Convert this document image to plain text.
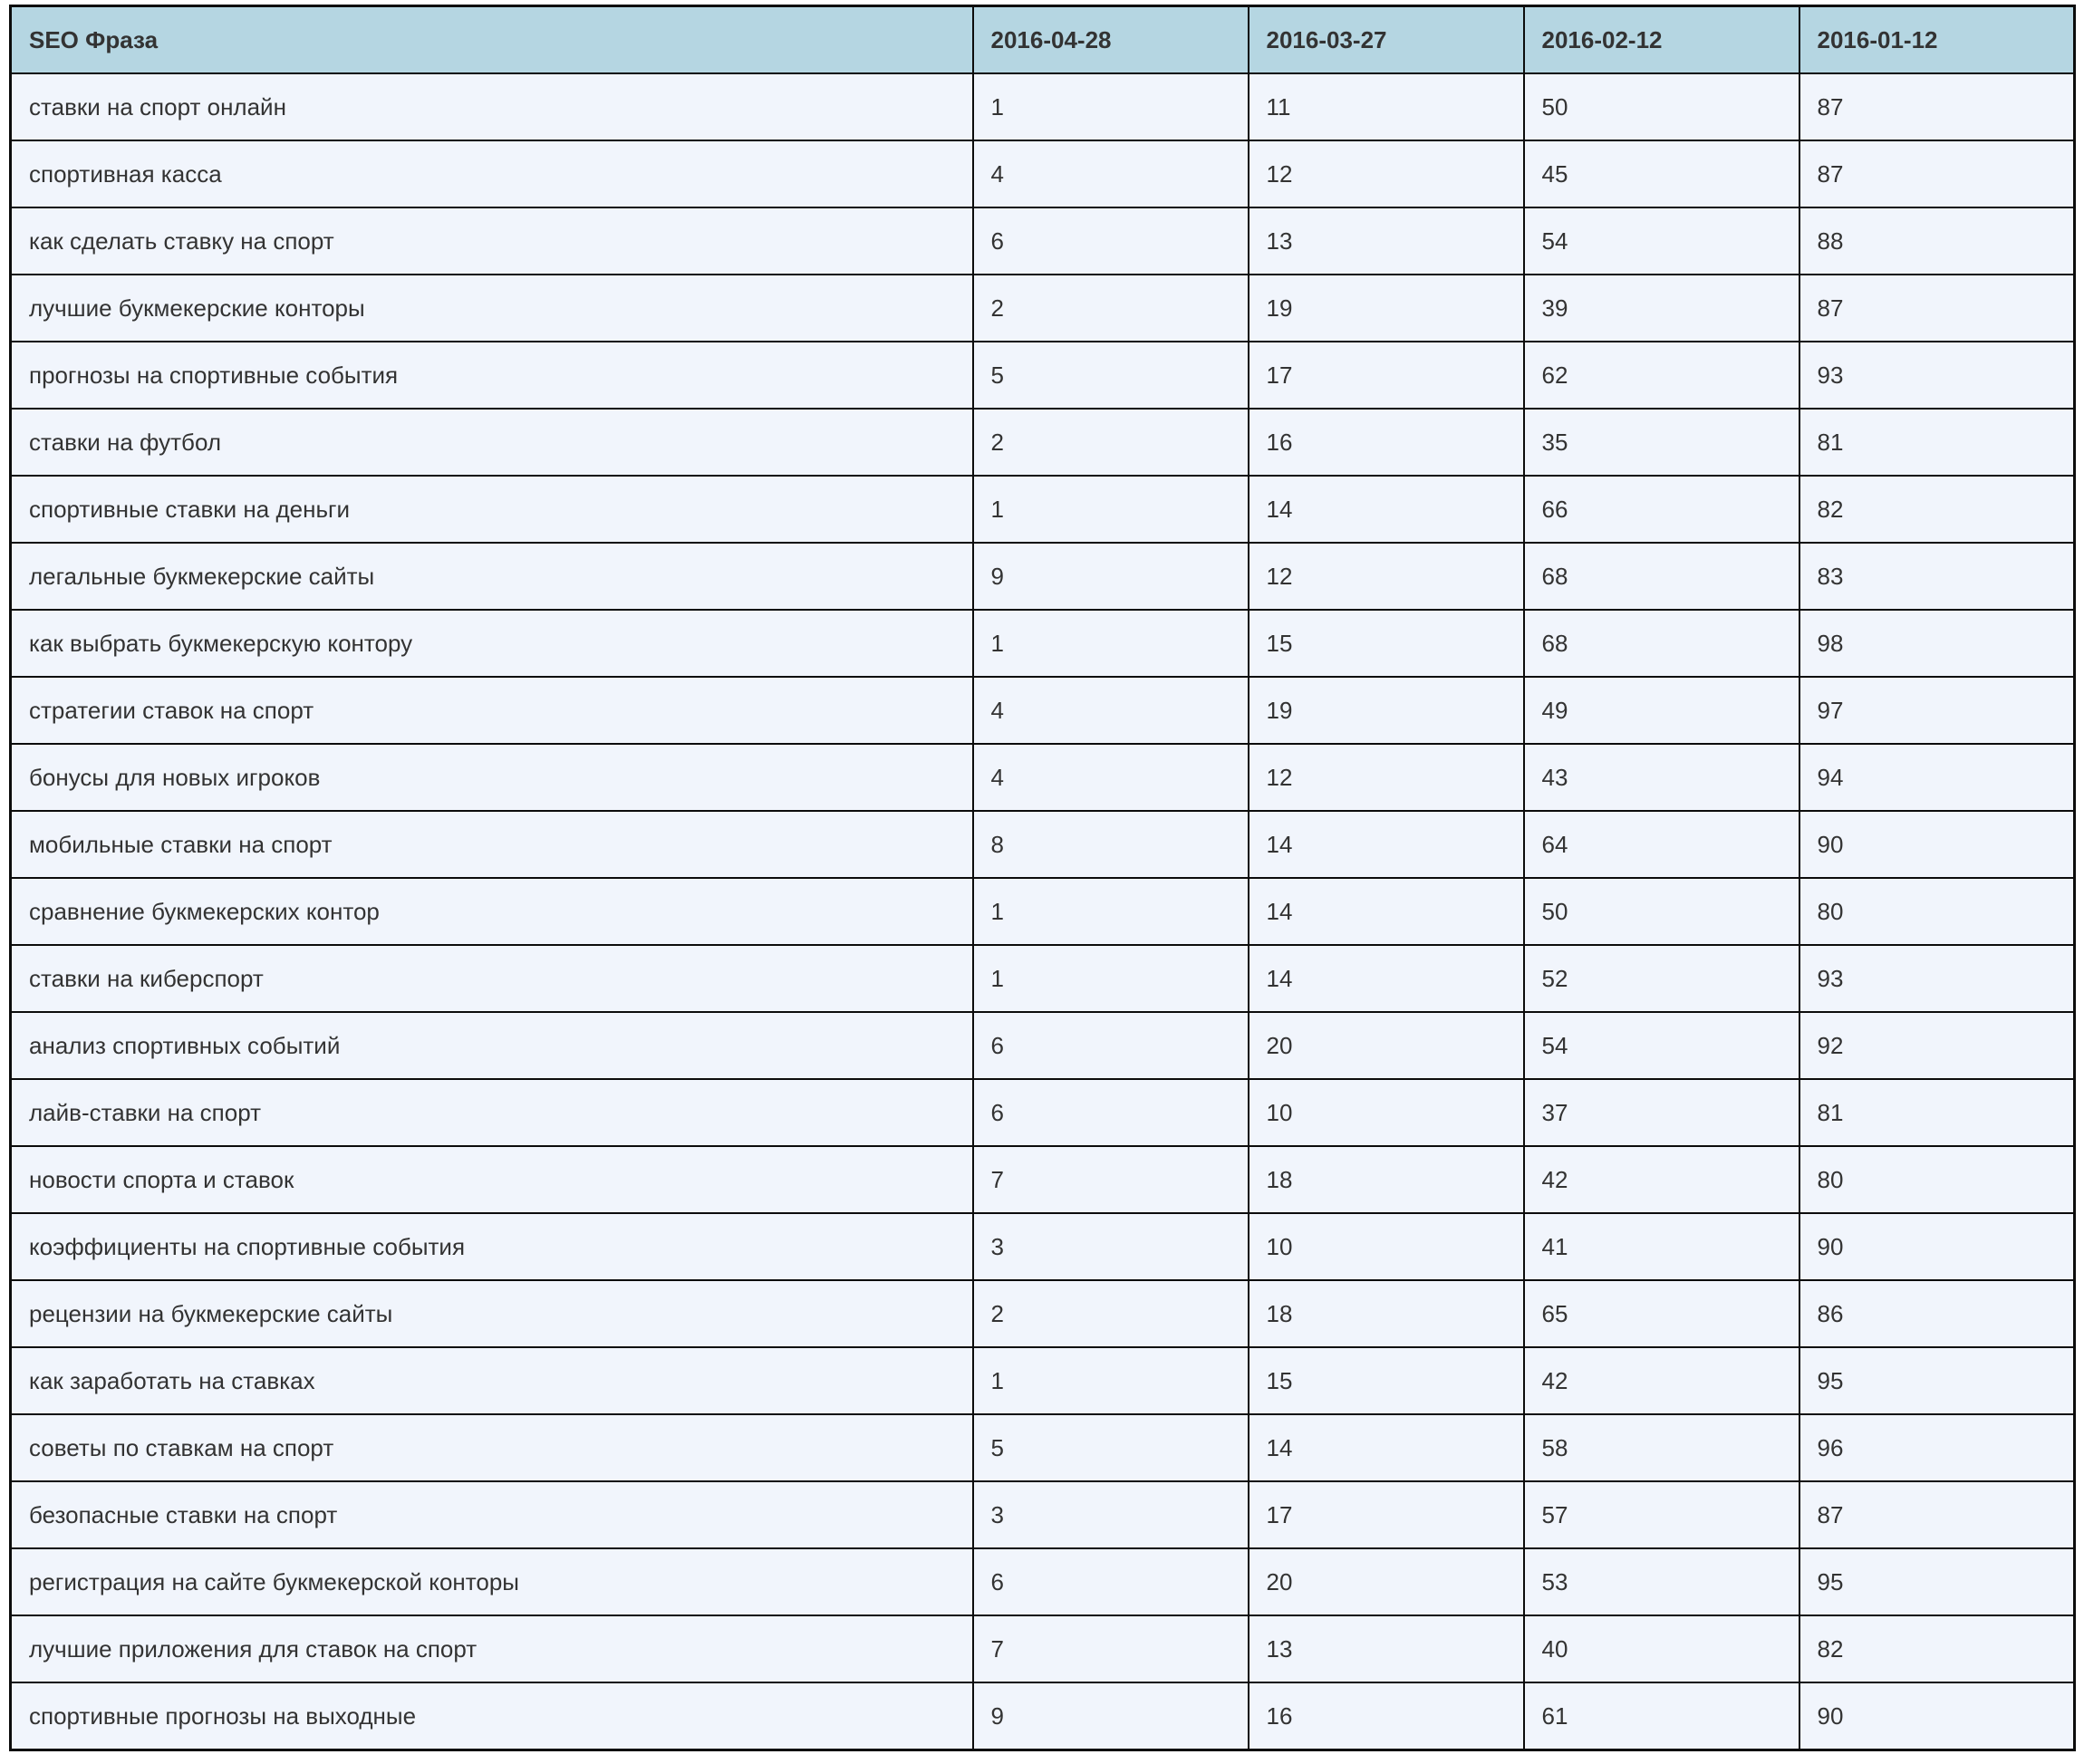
SEO Фраза	2016-04-28	2016-03-27	2016-02-12	2016-01-12
ставки на спорт онлайн	1	11	50	87
спортивная касса	4	12	45	87
как сделать ставку на спорт	6	13	54	88
лучшие букмекерские конторы	2	19	39	87
прогнозы на спортивные события	5	17	62	93
ставки на футбол	2	16	35	81
спортивные ставки на деньги	1	14	66	82
легальные букмекерские сайты	9	12	68	83
как выбрать букмекерскую контору	1	15	68	98
стратегии ставок на спорт	4	19	49	97
бонусы для новых игроков	4	12	43	94
мобильные ставки на спорт	8	14	64	90
сравнение букмекерских контор	1	14	50	80
ставки на киберспорт	1	14	52	93
анализ спортивных событий	6	20	54	92
лайв-ставки на спорт	6	10	37	81
новости спорта и ставок	7	18	42	80
коэффициенты на спортивные события	3	10	41	90
рецензии на букмекерские сайты	2	18	65	86
как заработать на ставках	1	15	42	95
советы по ставкам на спорт	5	14	58	96
безопасные ставки на спорт	3	17	57	87
регистрация на сайте букмекерской конторы	6	20	53	95
лучшие приложения для ставок на спорт	7	13	40	82
спортивные прогнозы на выходные	9	16	61	90
